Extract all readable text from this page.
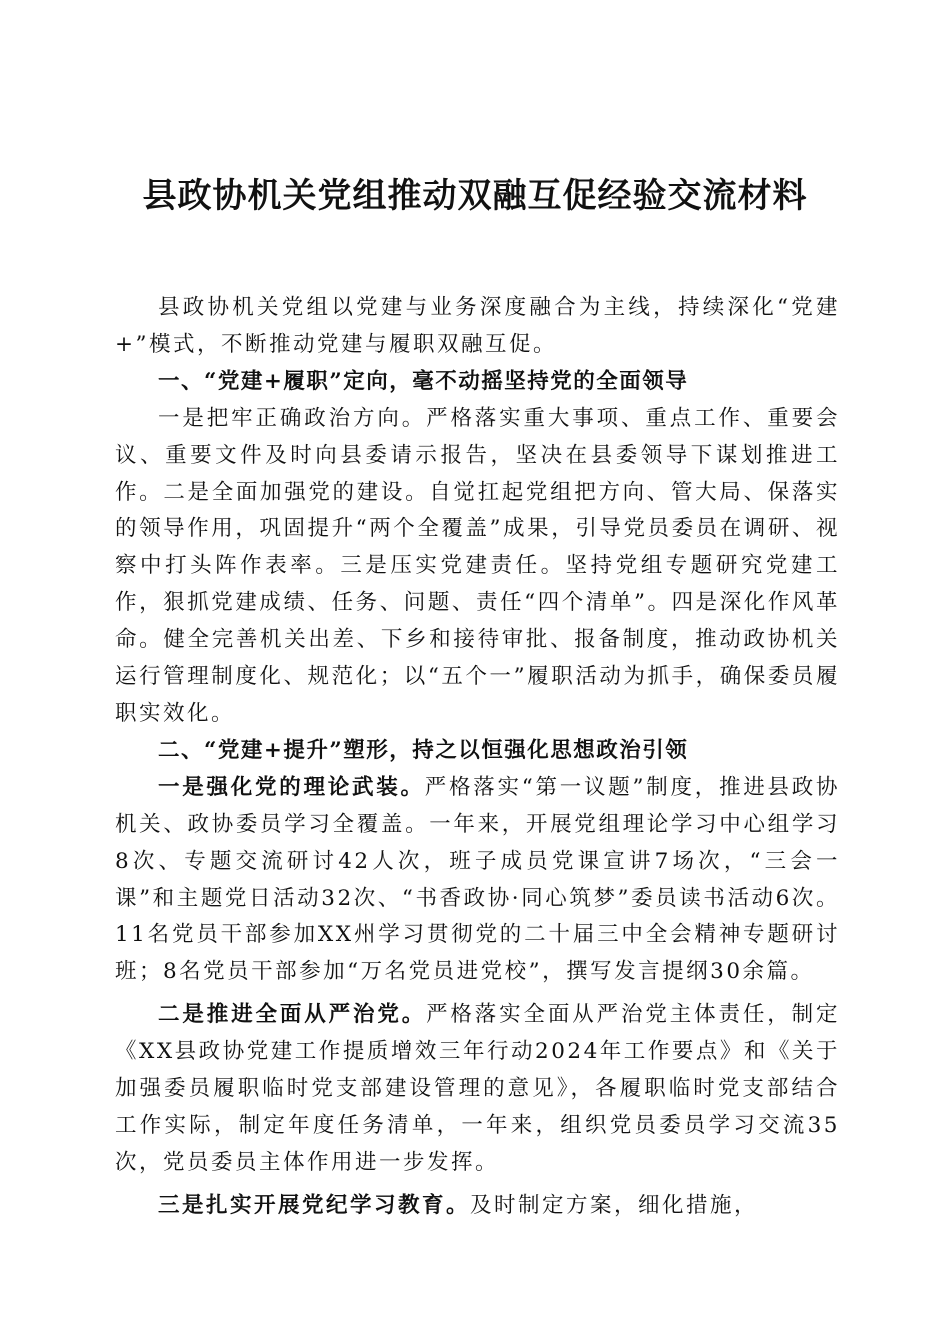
县政协机关党组推动双融互促经验交流材料

县政协机关党组以党建与业务深度融合为主线，持续深化“党建+”模式，不断推动党建与履职双融互促。

一、“党建+履职”定向，毫不动摇坚持党的全面领导

一是把牢正确政治方向。严格落实重大事项、重点工作、重要会议、重要文件及时向县委请示报告，坚决在县委领导下谋划推进工作。二是全面加强党的建设。自觉扛起党组把方向、管大局、保落实的领导作用，巩固提升“两个全覆盖”成果，引导党员委员在调研、视察中打头阵作表率。三是压实党建责任。坚持党组专题研究党建工作，狠抓党建成绩、任务、问题、责任“四个清单”。四是深化作风革命。健全完善机关出差、下乡和接待审批、报备制度，推动政协机关运行管理制度化、规范化；以“五个一”履职活动为抓手，确保委员履职实效化。

二、“党建+提升”塑形，持之以恒强化思想政治引领

一是强化党的理论武装。严格落实“第一议题”制度，推进县政协机关、政协委员学习全覆盖。一年来，开展党组理论学习中心组学习8次、专题交流研讨42人次，班子成员党课宣讲7场次，“三会一课”和主题党日活动32次、“书香政协·同心筑梦”委员读书活动6次。11名党员干部参加XX州学习贯彻党的二十届三中全会精神专题研讨班；8名党员干部参加“万名党员进党校”，撰写发言提纲30余篇。

二是推进全面从严治党。严格落实全面从严治党主体责任，制定《XX县政协党建工作提质增效三年行动2024年工作要点》和《关于加强委员履职临时党支部建设管理的意见》，各履职临时党支部结合工作实际，制定年度任务清单，一年来，组织党员委员学习交流35次，党员委员主体作用进一步发挥。

三是扎实开展党纪学习教育。及时制定方案，细化措施，
